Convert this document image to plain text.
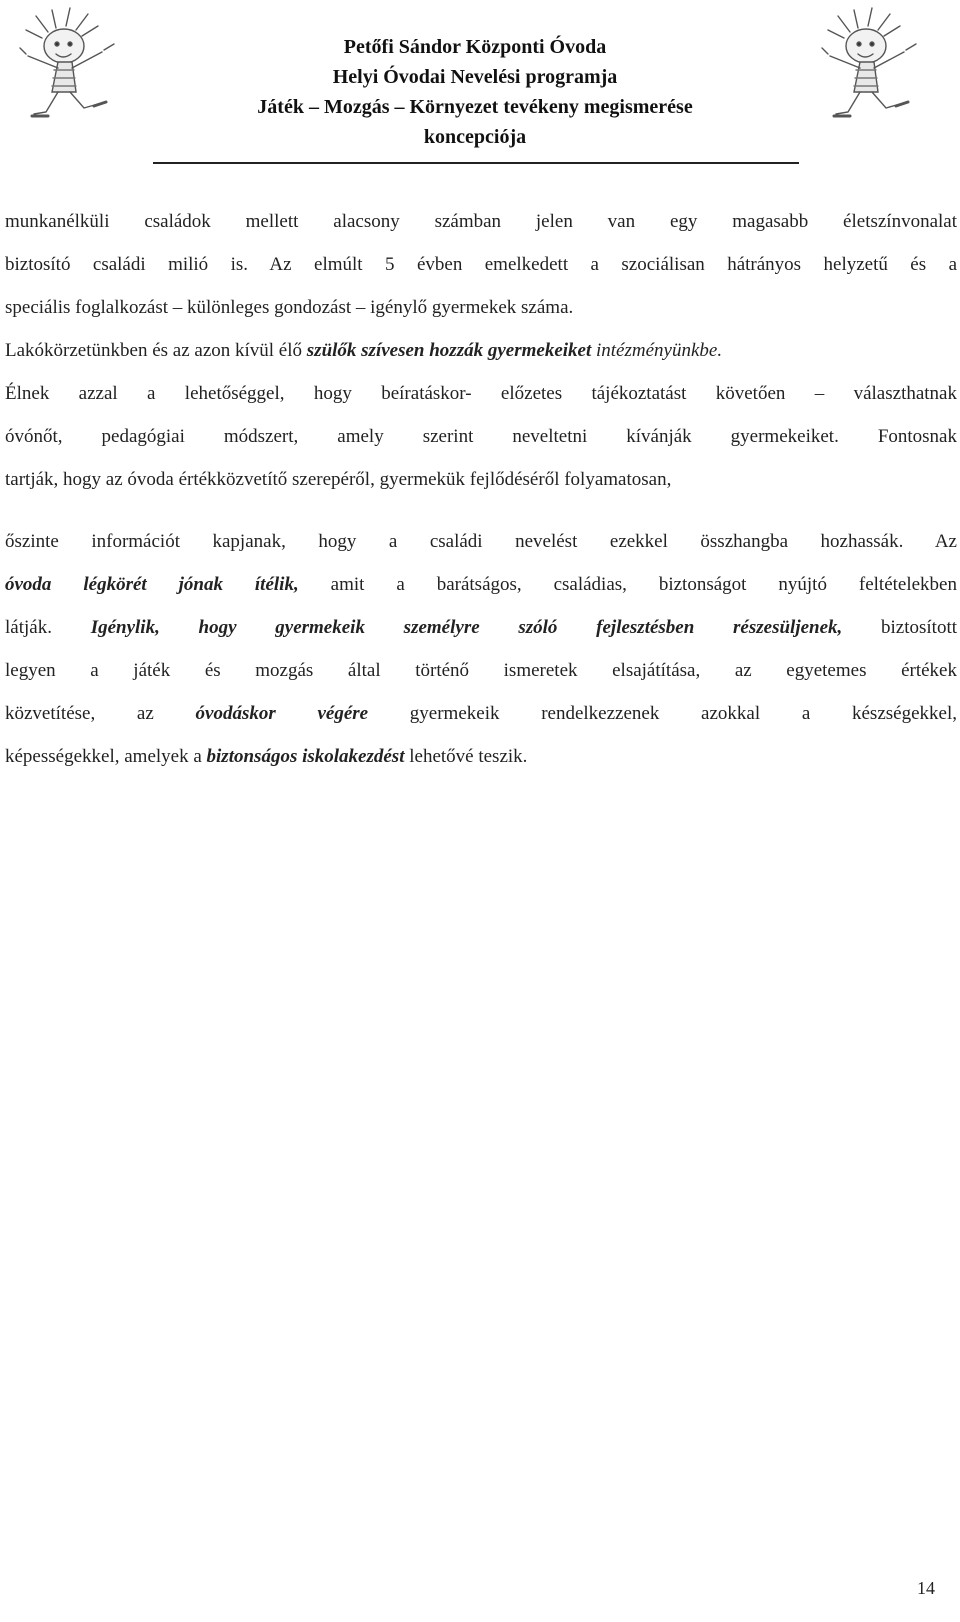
Petőfi Sándor Központi Óvoda
Helyi Óvodai Nevelési programja
Játék – Mozgás – Környezet tevékeny megismerése
koncepciója
munkanélküli családok mellett alacsony számban jelen van egy magasabb életszínvonalat
biztosító családi milió is. Az elmúlt 5 évben emelkedett a szociálisan hátrányos helyzetű és a
speciális foglalkozást – különleges gondozást – igénylő gyermekek száma.
Lakókörzetünkben és az azon kívül élő szülők szívesen hozzák gyermekeiket intézményünkbe.
Élnek azzal a lehetőséggel, hogy beíratáskor- előzetes tájékoztatást követően – választhatnak
óvónőt, pedagógiai módszert, amely szerint neveltetni kívánják gyermekeiket. Fontosnak
tartják, hogy az óvoda értékközvetítő szerepéről, gyermekük fejlődéséről folyamatosan,
őszinte információt kapjanak, hogy a családi nevelést ezekkel összhangba hozhassák. Az
óvoda légkörét jónak ítélik, amit a barátságos, családias, biztonságot nyújtó feltételekben
látják. Igénylik, hogy gyermekeik személyre szóló fejlesztésben részesüljenek, biztosított
legyen a játék és mozgás által történő ismeretek elsajátítása, az egyetemes értékek
közvetítése, az óvodáskor végére gyermekeik rendelkezzenek azokkal a készségekkel,
képességekkel, amelyek a biztonságos iskolakezdést lehetővé teszik.
14
